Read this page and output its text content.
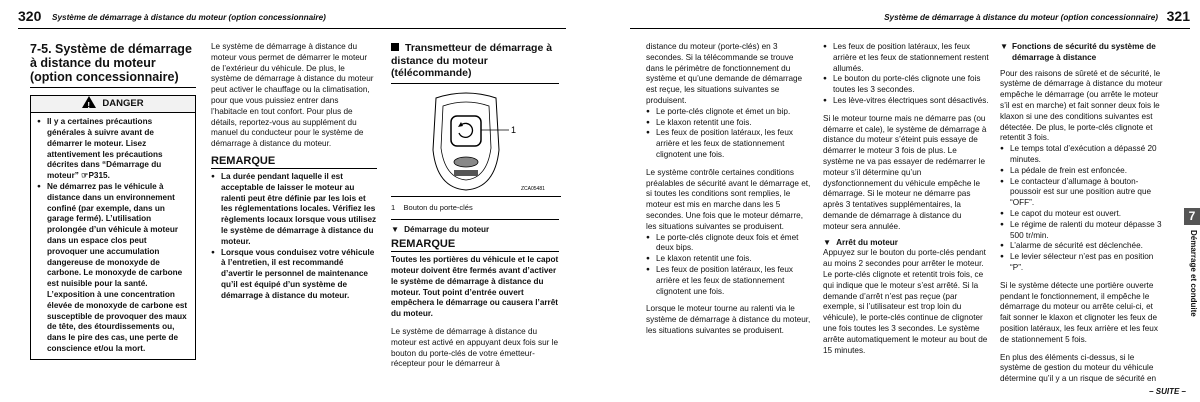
320 Système de démarrage à distance du moteur (option concessionnaire)
7-5. Système de démarrage à distance du moteur (option concessionnaire)
! DANGER
● Il y a certaines précautions générales à suivre avant de démarrer le moteur. Lisez attentivement les précautions décrites dans “Démarrage du moteur” ☞P315.
● Ne démarrez pas le véhicule à distance dans un environnement confiné (par exemple, dans un garage fermé). L’utilisation prolongée d’un véhicule à moteur dans un espace clos peut provoquer une accumulation dangereuse de monoxyde de carbone. Le monoxyde de carbone est nuisible pour la santé. L’exposition à une concentration élevée de monoxyde de carbone est susceptible de provoquer des maux de tête, des étourdissements ou, dans le pire des cas, une perte de conscience et/ou la mort.

Le système de démarrage à distance du moteur vous permet de démarrer le moteur de l’extérieur du véhicule. De plus, le système de démarrage à distance du moteur peut activer le chauffage ou la climatisation, pour que vous puissiez entrer dans l’habitacle en tout confort. Pour plus de détails, reportez-vous au supplément du manuel du conducteur pour le système de démarrage à distance du moteur.

REMARQUE
● La durée pendant laquelle il est acceptable de laisser le moteur au ralenti peut être définie par les lois et les réglementations locales. Vérifiez les règlements locaux lorsque vous utilisez le système de démarrage à distance du moteur.
● Lorsque vous conduisez votre véhicule à l’entretien, il est recommandé d’avertir le personnel de maintenance qu’il est équipé d’un système de démarrage à distance du moteur.
Transmetteur de démarrage à distance du moteur (télécommande)
1
ZCA05481
1 Bouton du porte-clés
▼ Démarrage du moteur
REMARQUE

Toutes les portières du véhicule et le capot moteur doivent être fermés avant d’activer le système de démarrage à distance du moteur. Tout point d’entrée ouvert empêchera le démarrage ou causera l’arrêt du moteur.

Le système de démarrage à distance du moteur est activé en appuyant deux fois sur le bouton du porte-clés de votre émetteur-récepteur pour le démarreur à

Système de démarrage à distance du moteur (option concessionnaire) 321

distance du moteur (porte-clés) en 3 secondes. Si la télécommande se trouve dans le périmètre de fonctionnement du système et qu’une demande de démarrage est reçue, les situations suivantes se produisent.

● Le porte-clés clignote et émet un bip.
● Le klaxon retentit une fois.
● Les feux de position latéraux, les feux arrière et les feux de stationnement clignotent une fois.

Le système contrôle certaines conditions préalables de sécurité avant le démarrage et, si toutes les conditions sont remplies, le moteur est mis en marche dans les 5 secondes. Une fois que le moteur démarre, les situations suivantes se produisent.

● Le porte-clés clignote deux fois et émet deux bips.
● Le klaxon retentit une fois.
● Les feux de position latéraux, les feux arrière et les feux de stationnement clignotent une fois.

Lorsque le moteur tourne au ralenti via le système de démarrage à distance du moteur, les situations suivantes se produisent.

● Les feux de position latéraux, les feux arrière et les feux de stationnement restent allumés.
● Le bouton du porte-clés clignote une fois toutes les 3 secondes.
● Les lève-vitres électriques sont désactivés.

Si le moteur tourne mais ne démarre pas (ou démarre et cale), le système de démarrage à distance du moteur s’éteint puis essaye de démarrer le moteur 3 fois de plus. Le système ne va pas essayer de redémarrer le moteur s’il détermine qu’un dysfonctionnement du véhicule empêche le démarrage. Si le moteur ne démarre pas après 3 tentatives supplémentaires, la demande de démarrage à distance du moteur sera annulée.

▼ Arrêt du moteur

Appuyez sur le bouton du porte-clés pendant au moins 2 secondes pour arrêter le moteur. Le porte-clés clignote et retentit trois fois, ce qui indique que le moteur s’est arrêté. Si la demande d’arrêt n’est pas reçue (par exemple, si l’utilisateur est trop loin du véhicule), le porte-clés continue de clignoter une fois toutes les 3 secondes. Le système arrête automatiquement le moteur au bout de 15 minutes.

▼ Fonctions de sécurité du système de démarrage à distance

Pour des raisons de sûreté et de sécurité, le système de démarrage à distance du moteur empêche le démarrage (ou arrête le moteur s’il est en marche) et fait sonner deux fois le klaxon si une des conditions suivantes est détectée. De plus, le porte-clés clignote et retentit 3 fois.

● Le temps total d’exécution a dépassé 20 minutes.
● La pédale de frein est enfoncée.
● Le contacteur d’allumage à bouton-poussoir est sur une position autre que “OFF”.
● Le capot du moteur est ouvert.
● Le régime de ralenti du moteur dépasse 3 500 tr/min.
● L’alarme de sécurité est déclenchée.
● Le levier sélecteur n’est pas en position “P”.

Si le système détecte une portière ouverte pendant le fonctionnement, il empêche le démarrage du moteur ou arrête celui-ci, et fait sonner le klaxon et clignoter les feux de position latéraux, les feux arrière et les feux de stationnement 5 fois.

En plus des éléments ci-dessus, si le système de gestion du moteur du véhicule détermine qu’il y a un risque de sécurité en

7
Démarrage et conduite
– SUITE –
